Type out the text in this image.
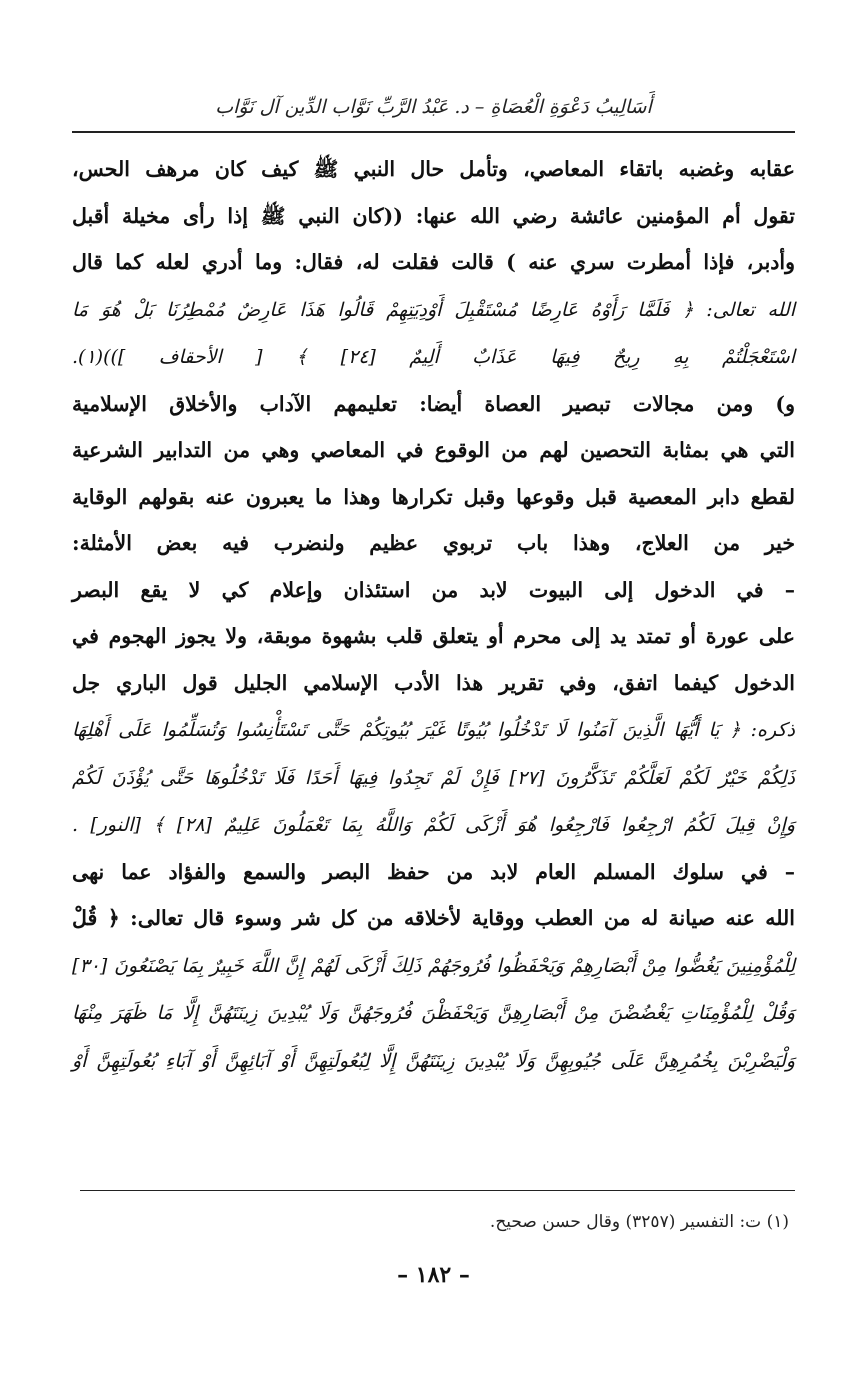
أَسَالِيبُ دَعْوَةِ الْعُصَاةِ – د. عَبْدُ الرَّبِّ نَوَّاب الدِّين آل نَوَّاب

عقابه وغضبه باتقاء المعاصي، وتأمل حال النبي ﷺ كيف كان مرهف الحس،
تقول أم المؤمنين عائشة رضي الله عنها: ((كان النبي ﷺ إذا رأى مخيلة أقبل
وأدبر، فإذا أمطرت سري عنه ) قالت فقلت له، فقال: وما أدري لعله كما قال
الله تعالى: ﴿ فَلَمَّا رَأَوْهُ عَارِضًا مُسْتَقْبِلَ أَوْدِيَتِهِمْ قَالُوا هَذَا عَارِضٌ مُمْطِرُنَا بَلْ هُوَ مَا
اسْتَعْجَلْتُمْ بِهِ رِيحٌ فِيهَا عَذَابٌ أَلِيمٌ [٢٤] ﴾ [ الأحقاف ]))(١).

و) ومن مجالات تبصير العصاة أيضا: تعليمهم الآداب والأخلاق الإسلامية
التي هي بمثابة التحصين لهم من الوقوع في المعاصي وهي من التدابير الشرعية
لقطع دابر المعصية قبل وقوعها وقبل تكرارها وهذا ما يعبرون عنه بقولهم الوقاية
خير من العلاج، وهذا باب تربوي عظيم ولنضرب فيه بعض الأمثلة:

– في الدخول إلى البيوت لابد من استئذان وإعلام كي لا يقع البصر
على عورة أو تمتد يد إلى محرم أو يتعلق قلب بشهوة موبقة، ولا يجوز الهجوم في
الدخول كيفما اتفق، وفي تقرير هذا الأدب الإسلامي الجليل قول الباري جل
ذكره: ﴿ يَا أَيُّهَا الَّذِينَ آمَنُوا لَا تَدْخُلُوا بُيُوتًا غَيْرَ بُيُوتِكُمْ حَتَّى تَسْتَأْنِسُوا وَتُسَلِّمُوا عَلَى أَهْلِهَا
ذَلِكُمْ خَيْرٌ لَكُمْ لَعَلَّكُمْ تَذَكَّرُونَ [٢٧] فَإِنْ لَمْ تَجِدُوا فِيهَا أَحَدًا فَلَا تَدْخُلُوهَا حَتَّى يُؤْذَنَ لَكُمْ
وَإِنْ قِيلَ لَكُمُ ارْجِعُوا فَارْجِعُوا هُوَ أَزْكَى لَكُمْ وَاللَّهُ بِمَا تَعْمَلُونَ عَلِيمٌ [٢٨] ﴾ [النور] .

– في سلوك المسلم العام لابد من حفظ البصر والسمع والفؤاد عما نهى
الله عنه صيانة له من العطب ووقاية لأخلاقه من كل شر وسوء قال تعالى: ﴿ قُلْ
لِلْمُؤْمِنِينَ يَغُضُّوا مِنْ أَبْصَارِهِمْ وَيَحْفَظُوا فُرُوجَهُمْ ذَلِكَ أَزْكَى لَهُمْ إِنَّ اللَّهَ خَبِيرٌ بِمَا يَصْنَعُونَ [٣٠]
وَقُلْ لِلْمُؤْمِنَاتِ يَغْضُضْنَ مِنْ أَبْصَارِهِنَّ وَيَحْفَظْنَ فُرُوجَهُنَّ وَلَا يُبْدِينَ زِينَتَهُنَّ إِلَّا مَا ظَهَرَ مِنْهَا
وَلْيَضْرِبْنَ بِخُمُرِهِنَّ عَلَى جُيُوبِهِنَّ وَلَا يُبْدِينَ زِينَتَهُنَّ إِلَّا لِبُعُولَتِهِنَّ أَوْ آبَائِهِنَّ أَوْ آبَاءِ بُعُولَتِهِنَّ أَوْ

(١) ت: التفسير (٣٢٥٧) وقال حسن صحيح.
– ١٨٢ –
